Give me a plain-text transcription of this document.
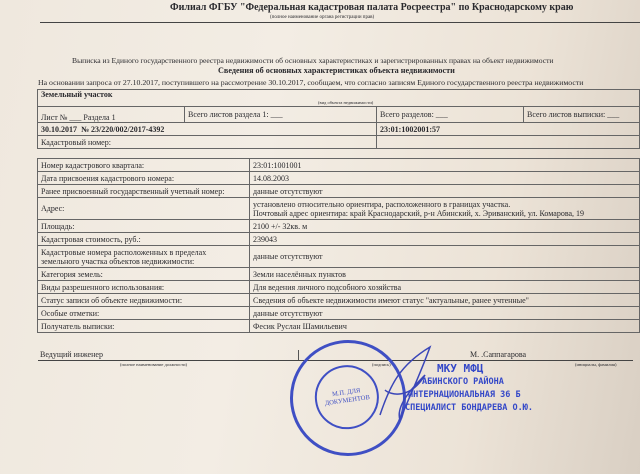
Филиал ФГБУ "Федеральная кадастровая палата Росреестра" по Краснодарскому краю
(полное наименование органа регистрации прав)
Выписка из Единого государственного реестра недвижимости об основных характеристиках и зарегистрированных правах на объект недвижимости
Сведения об основных характеристиках объекта недвижимости
На основании запроса от 27.10.2017, поступившего на рассмотрение 30.10.2017, сообщаем, что согласно записям Единого государственного реестра недвижимости
Земельный участок
(вид объекта недвижимости)			

Лист № ___ Раздела 1	Всего листов раздела 1: ___	Всего разделов: ___	Всего листов выписки: ___
30.10.2017 № 23/220/002/2017-4392		23:01:1002001:57	
Кадастровый номер:			
Номер кадастрового квартала:	23:01:1001001
Дата присвоения кадастрового номера:	14.08.2003
Ранее присвоенный государственный учетный номер:	данные отсутствуют
Адрес:	установлено относительно ориентира, расположенного в границах участка.
Почтовый адрес ориентира: край Краснодарский, р-н Абинский, х. Эриванский, ул. Комарова, 19
Площадь:	2100 +/- 32кв. м
Кадастровая стоимость, руб.:	239043
Кадастровые номера расположенных в пределах
земельного участка объектов недвижимости:	данные отсутствуют
Категория земель:	Земли населённых пунктов
Виды разрешенного использования:	Для ведения личного подсобного хозяйства
Статус записи об объекте недвижимости:	Сведения об объекте недвижимости имеют статус "актуальные, ранее учтенные"
Особые отметки:	данные отсутствуют
Получатель выписки:	Фесик Руслан Шамильевич
Ведущий инженер	М. .Саппагарова
(полное наименование должности)	(подпись)	(инициалы, фамилия)
М.П. ДЛЯ ДОКУМЕНТОВ
МКУ МФЦ
АБИНСКОГО РАЙОНА
ИНТЕРНАЦИОНАЛЬНАЯ 36 Б
СПЕЦИАЛИСТ БОНДАРЕВА О.Ю.
